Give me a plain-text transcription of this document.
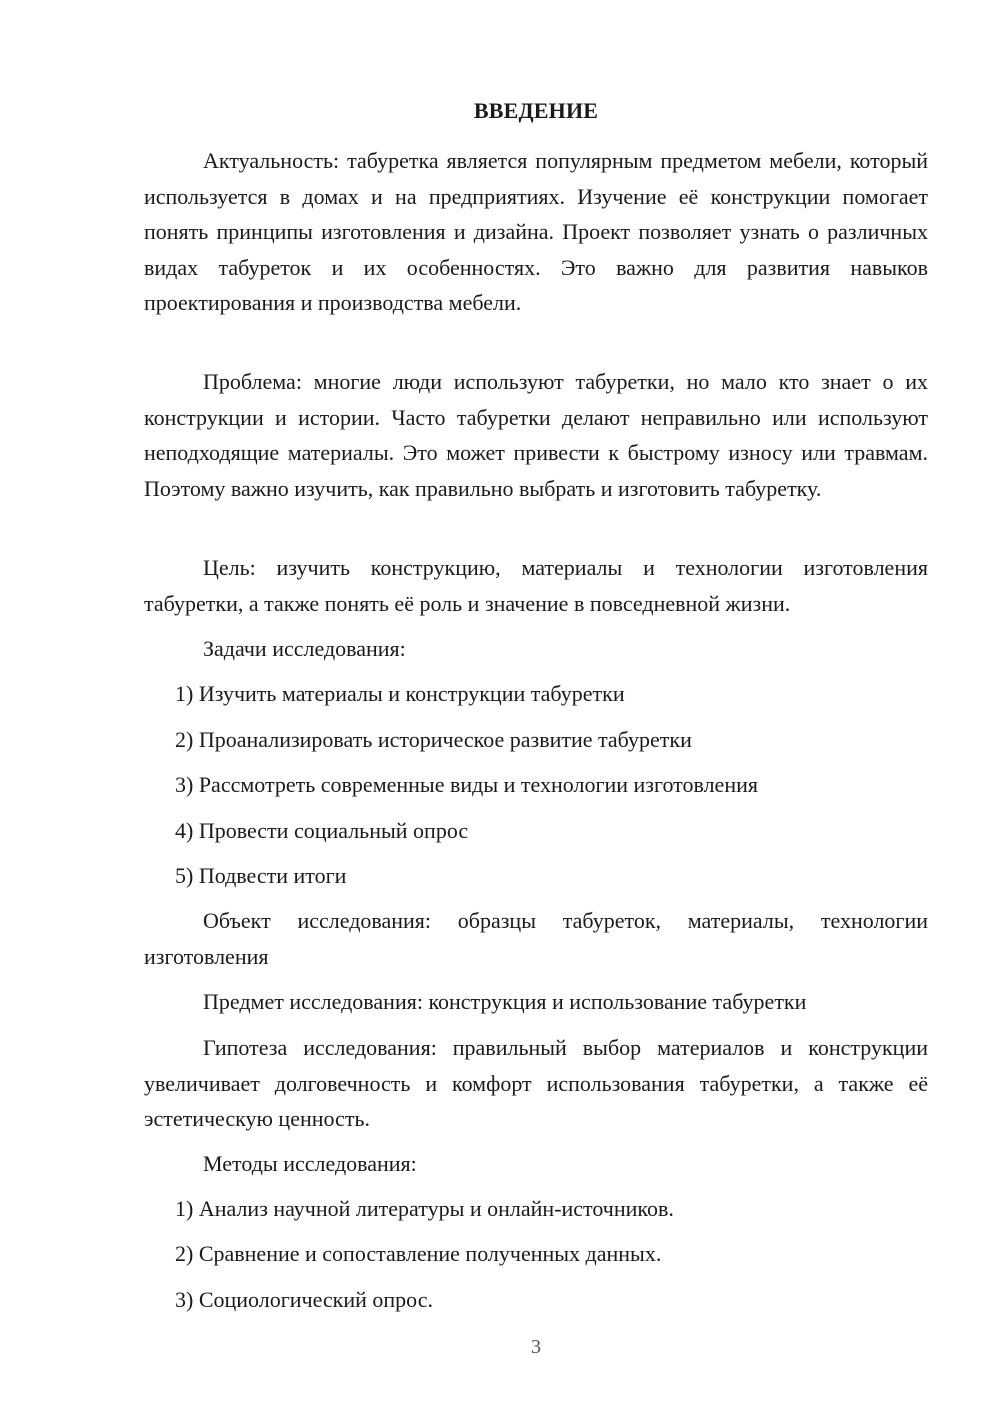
ВВЕДЕНИЕ

Актуальность: табуретка является популярным предметом мебели, который используется в домах и на предприятиях. Изучение её конструкции помогает понять принципы изготовления и дизайна. Проект позволяет узнать о различных видах табуреток и их особенностях. Это важно для развития навыков проектирования и производства мебели.

Проблема: многие люди используют табуретки, но мало кто знает о их конструкции и истории. Часто табуретки делают неправильно или используют неподходящие материалы. Это может привести к быстрому износу или травмам. Поэтому важно изучить, как правильно выбрать и изготовить табуретку.

Цель: изучить конструкцию, материалы и технологии изготовления табуретки, а также понять её роль и значение в повседневной жизни.

Задачи исследования:
1) Изучить материалы и конструкции табуретки
2) Проанализировать историческое развитие табуретки
3) Рассмотреть современные виды и технологии изготовления
4) Провести социальный опрос
5) Подвести итоги

Объект исследования: образцы табуреток, материалы, технологии изготовления

Предмет исследования: конструкция и использование табуретки

Гипотеза исследования: правильный выбор материалов и конструкции увеличивает долговечность и комфорт использования табуретки, а также её эстетическую ценность.

Методы исследования:
1) Анализ научной литературы и онлайн-источников.
2) Сравнение и сопоставление полученных данных.
3) Социологический опрос.
3
